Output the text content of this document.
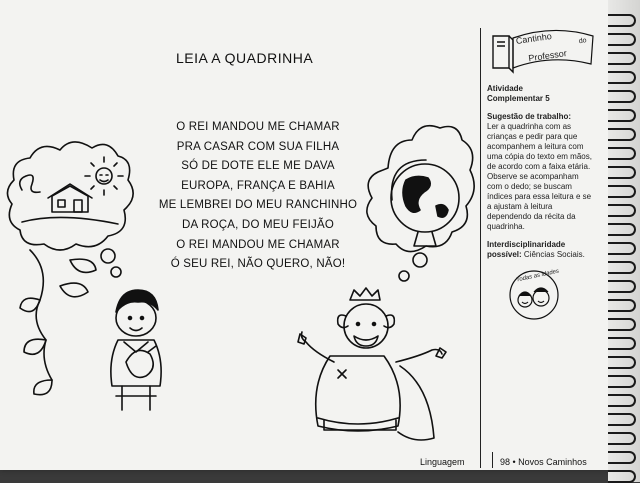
LEIA A QUADRINHA
O REI MANDOU ME CHAMAR
PRA CASAR COM SUA FILHA
SÓ DE DOTE ELE ME DAVA
EUROPA, FRANÇA E BAHIA
ME LEMBREI DO MEU RANCHINHO
DA ROÇA, DO MEU FEIJÃO
O REI MANDOU ME CHAMAR
Ó SEU REI, NÃO QUERO, NÃO!
Cantinho	do
Professor
Atividade
Complementar 5
Sugestão de trabalho:
Ler a quadrinha com as crianças e pedir para que acompanhem a leitura com uma cópia do texto em mãos, de acordo com a faixa etária. Observe se acompanham com o dedo; se buscam índices para essa leitura e se a ajustam à leitura dependendo da récita da quadrinha.
Interdisciplinaridade possível: Ciências Sociais.
Todas as idades
Linguagem	98 • Novos Caminhos
